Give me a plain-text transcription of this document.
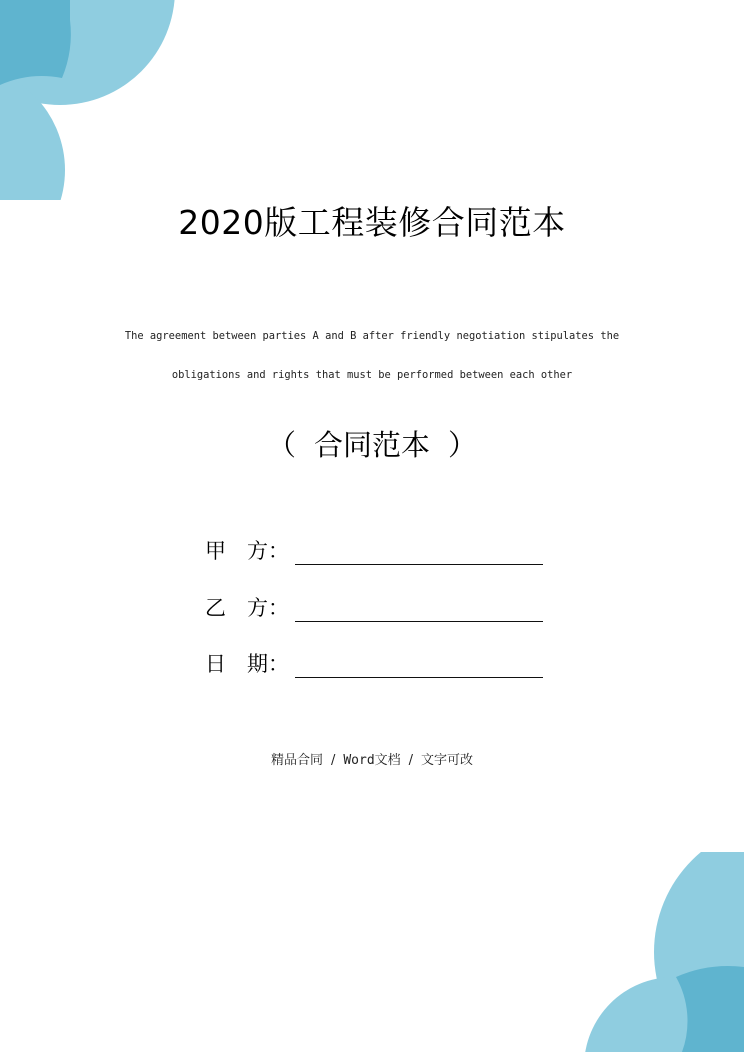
2020版工程装修合同范本
The agreement between parties A and B after friendly negotiation stipulates the
obligations and rights that must be performed between each other
（ 合同范本 ）
甲	方：
乙	方：
日	期：
精品合同 / Word文档 / 文字可改
